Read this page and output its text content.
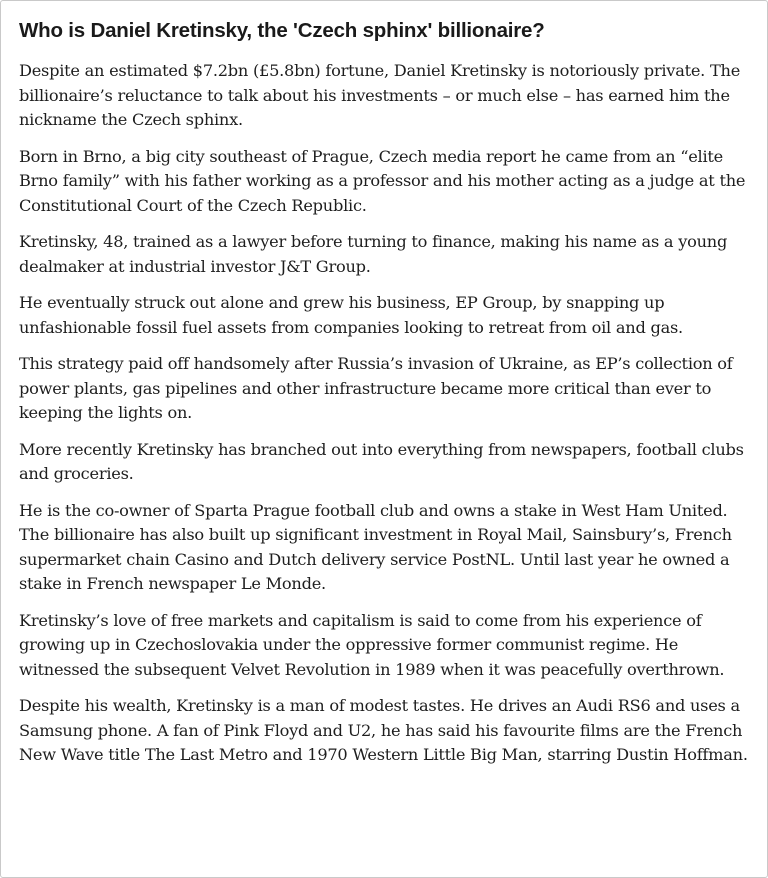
Who is Daniel Kretinsky, the 'Czech sphinx' billionaire?

Despite an estimated $7.2bn (£5.8bn) fortune, Daniel Kretinsky is notoriously private. The billionaire’s reluctance to talk about his investments – or much else – has earned him the nickname the Czech sphinx.

Born in Brno, a big city southeast of Prague, Czech media report he came from an “elite Brno family” with his father working as a professor and his mother acting as a judge at the Constitutional Court of the Czech Republic.

Kretinsky, 48, trained as a lawyer before turning to finance, making his name as a young dealmaker at industrial investor J&T Group.

He eventually struck out alone and grew his business, EP Group, by snapping up unfashionable fossil fuel assets from companies looking to retreat from oil and gas.

This strategy paid off handsomely after Russia’s invasion of Ukraine, as EP’s collection of power plants, gas pipelines and other infrastructure became more critical than ever to keeping the lights on.

More recently Kretinsky has branched out into everything from newspapers, football clubs and groceries.

He is the co-owner of Sparta Prague football club and owns a stake in West Ham United. The billionaire has also built up significant investment in Royal Mail, Sainsbury’s, French supermarket chain Casino and Dutch delivery service PostNL. Until last year he owned a stake in French newspaper Le Monde.

Kretinsky’s love of free markets and capitalism is said to come from his experience of growing up in Czechoslovakia under the oppressive former communist regime. He witnessed the subsequent Velvet Revolution in 1989 when it was peacefully overthrown.

Despite his wealth, Kretinsky is a man of modest tastes. He drives an Audi RS6 and uses a Samsung phone. A fan of Pink Floyd and U2, he has said his favourite films are the French New Wave title The Last Metro and 1970 Western Little Big Man, starring Dustin Hoffman.
